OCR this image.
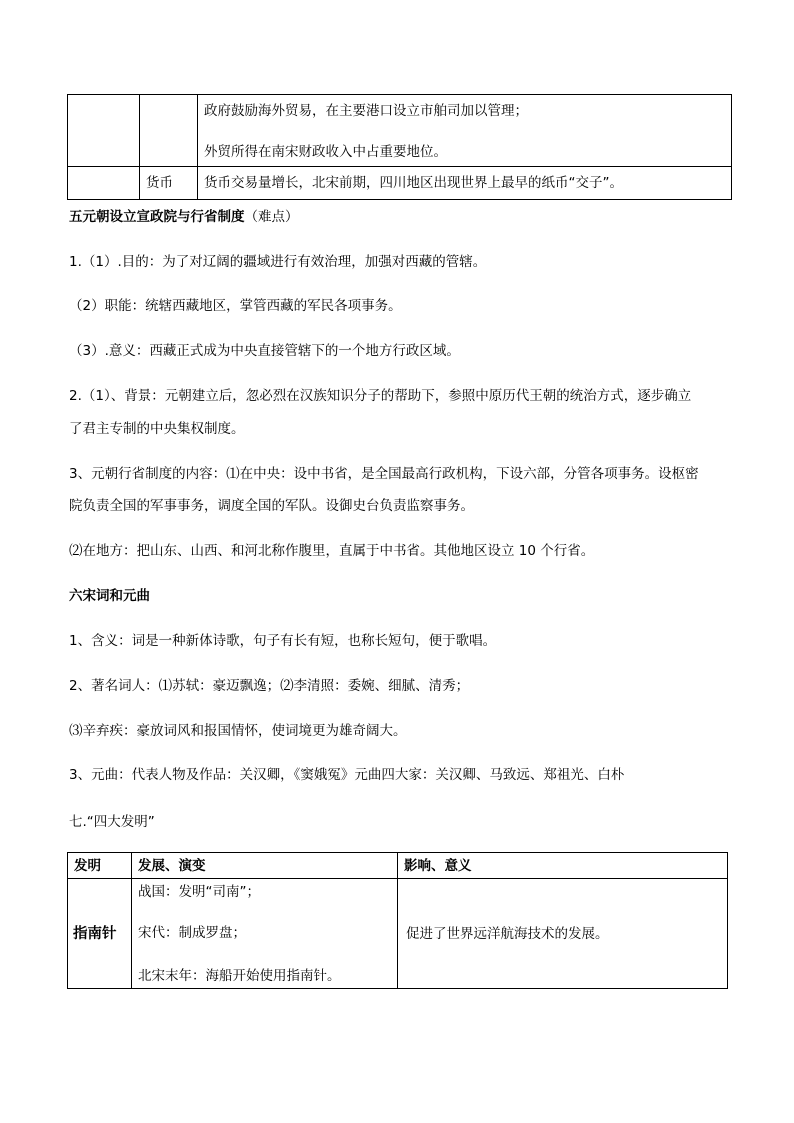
		政府鼓励海外贸易，在主要港口设立市舶司加以管理；
外贸所得在南宋财政收入中占重要地位。

	货币	货币交易量增长，北宋前期，四川地区出现世界上最早的纸币“交子”。
五元朝设立宣政院与行省制度（难点）
1.（1）.目的：为了对辽阔的疆域进行有效治理，加强对西藏的管辖。
（2）职能：统辖西藏地区，掌管西藏的军民各项事务。
（3）.意义：西藏正式成为中央直接管辖下的一个地方行政区域。
2.（1）、背景：元朝建立后，忽必烈在汉族知识分子的帮助下，参照中原历代王朝的统治方式，逐步确立
了君主专制的中央集权制度。
3、元朝行省制度的内容：⑴在中央：设中书省，是全国最高行政机构，下设六部，分管各项事务。设枢密
院负责全国的军事事务，调度全国的军队。设御史台负责监察事务。
⑵在地方：把山东、山西、和河北称作腹里，直属于中书省。其他地区设立 10 个行省。
六宋词和元曲
1、含义：词是一种新体诗歌，句子有长有短，也称长短句，便于歌唱。
2、著名词人：⑴苏轼：豪迈飘逸；⑵李清照：委婉、细腻、清秀；
⑶辛弃疾：豪放词风和报国情怀，使词境更为雄奇阔大。
3、元曲：代表人物及作品：关汉卿，《窦娥冤》元曲四大家：关汉卿、马致远、郑祖光、白朴
七.“四大发明”
发明	发展、演变	影响、意义

指南针	战国：发明“司南”；
宋代：制成罗盘；
北宋末年：海船开始使用指南针。	促进了世界远洋航海技术的发展。
